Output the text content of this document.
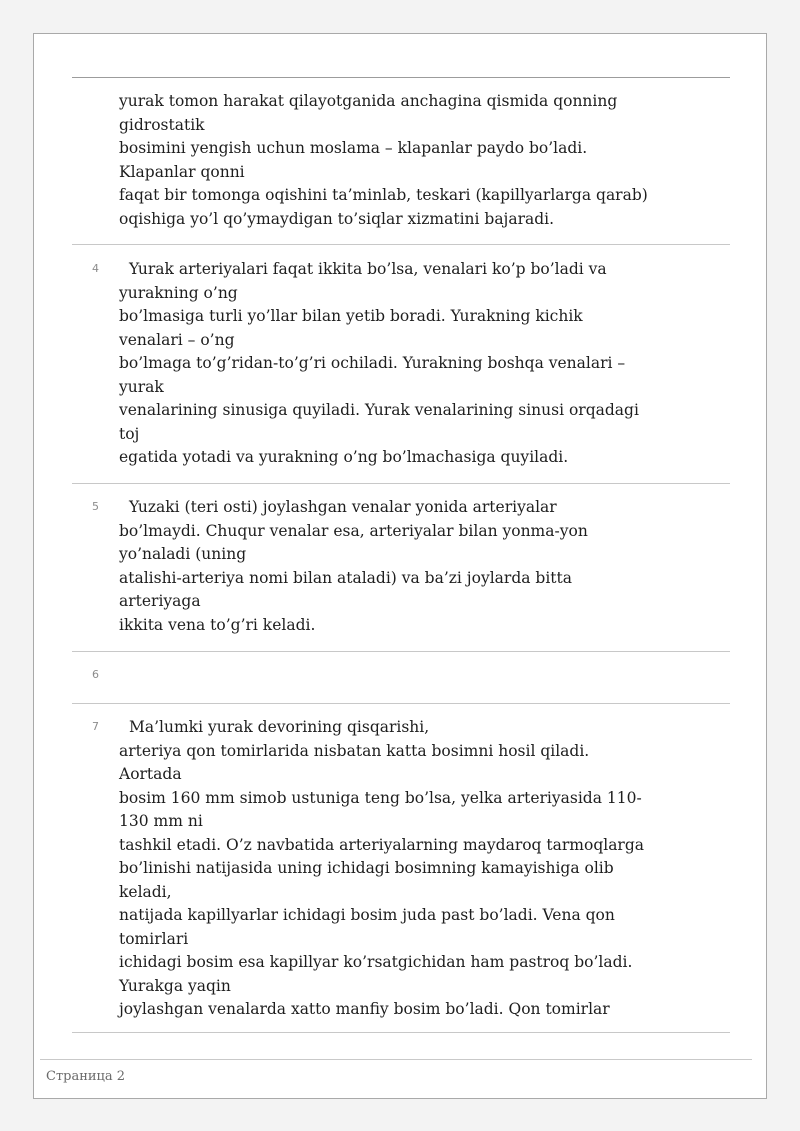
yurak tomon harakat qilayotganida anchagina qismida qonning
gidrostatik
bosimini yengish uchun moslama – klapanlar paydo bo’ladi.
Klapanlar qonni
faqat bir tomonga oqishini ta’minlab, teskari (kapillyarlarga qarab)
oqishiga yo’l qo’ymaydigan to’siqlar xizmatini bajaradi.
4	Yurak arteriyalari faqat ikkita bo’lsa, venalari ko’p bo’ladi va
yurakning o’ng
bo’lmasiga turli yo’llar bilan yetib boradi. Yurakning kichik
venalari – o’ng
bo’lmaga to’g’ridan-to’g’ri ochiladi. Yurakning boshqa venalari –
yurak
venalarining sinusiga quyiladi. Yurak venalarining sinusi orqadagi
toj
egatida yotadi va yurakning o’ng bo’lmachasiga quyiladi.
5	Yuzaki (teri osti) joylashgan venalar yonida arteriyalar
bo’lmaydi. Chuqur venalar esa, arteriyalar bilan yonma-yon
yo’naladi (uning
atalishi-arteriya nomi bilan ataladi) va ba’zi joylarda bitta
arteriyaga
ikkita vena to’g’ri keladi.
6
7	Ma’lumki yurak devorining qisqarishi,
arteriya qon tomirlarida nisbatan katta bosimni hosil qiladi.
Aortada
bosim 160 mm simob ustuniga teng bo’lsa, yelka arteriyasida 110-
130 mm ni
tashkil etadi. O’z navbatida arteriyalarning maydaroq tarmoqlarga
bo’linishi natijasida uning ichidagi bosimning kamayishiga olib
keladi,
natijada kapillyarlar ichidagi bosim juda past bo’ladi. Vena qon
tomirlari
ichidagi bosim esa kapillyar ko’rsatgichidan ham pastroq bo’ladi.
Yurakga yaqin
joylashgan venalarda xatto manfiy bosim bo’ladi. Qon tomirlar
Страница 2
